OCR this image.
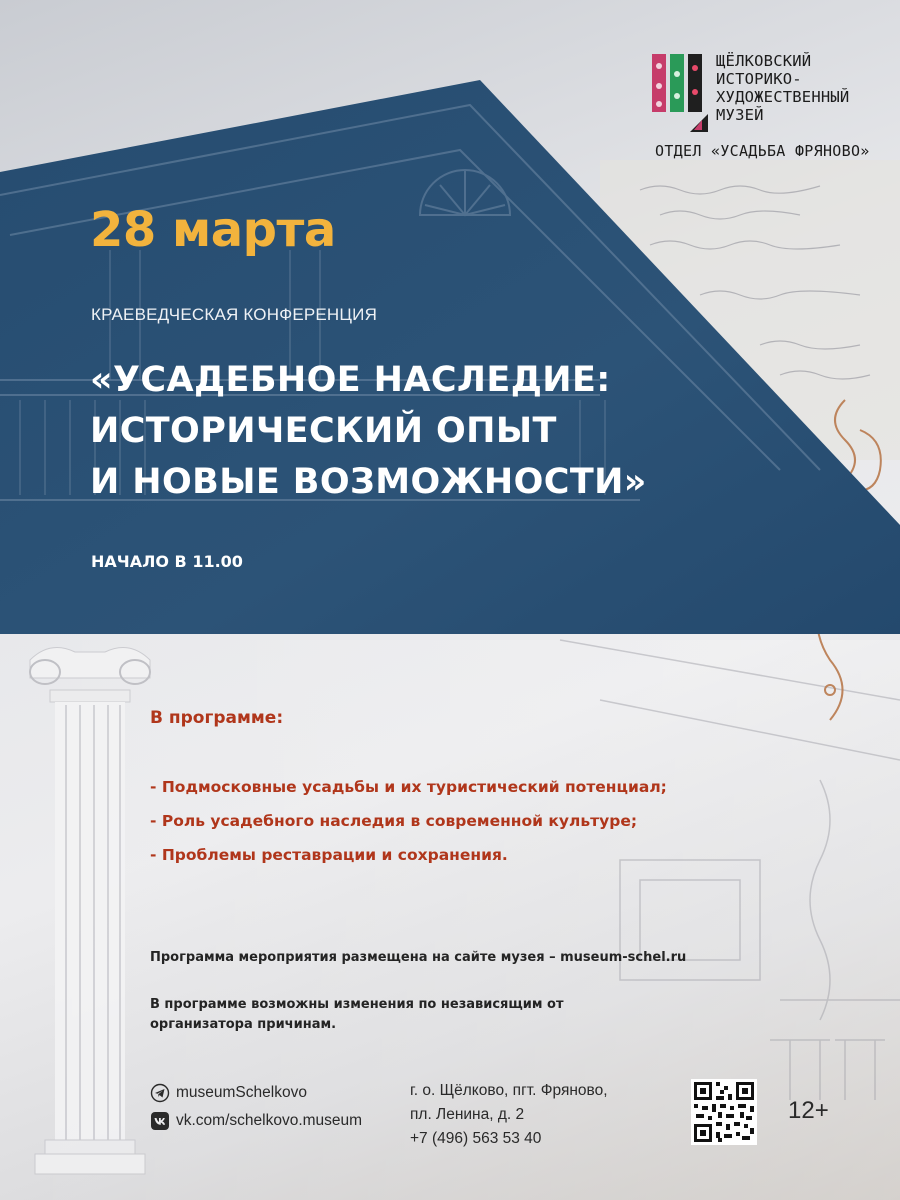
ЩЁЛКОВСКИЙ
ИСТОРИКО-
ХУДОЖЕСТВЕННЫЙ
МУЗЕЙ
ОТДЕЛ «УСАДЬБА ФРЯНОВО»
28 марта
КРАЕВЕДЧЕСКАЯ КОНФЕРЕНЦИЯ
«УСАДЕБНОЕ НАСЛЕДИЕ:
ИСТОРИЧЕСКИЙ ОПЫТ
И НОВЫЕ ВОЗМОЖНОСТИ»
НАЧАЛО В 11.00
В программе:
- Подмосковные усадьбы и их туристический потенциал;
- Роль усадебного наследия в современной культуре;
- Проблемы реставрации и сохранения.
Программа мероприятия размещена на сайте музея – museum-schel.ru
В программе возможны изменения по независящим от организатора причинам.
museumSchelkovo
vk.com/schelkovo.museum
г. о. Щёлково, пгт. Фряново,
пл. Ленина, д. 2
+7 (496) 563 53 40
12+
